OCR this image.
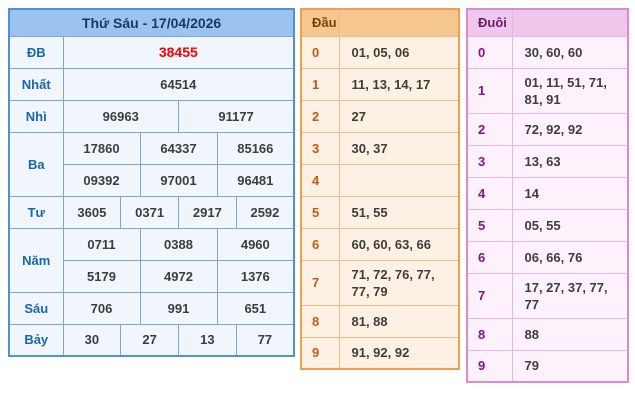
Thứ Sáu - 17/04/2026						
ĐB	38455					
Nhất	64514					
Nhì	96963			91177		
Ba	17860		64337		85166	
	09392		97001		96481	
Tư	3605	0371		2917		2592
Năm	0711		0388		4960	
	5179		4972		1376	
Sáu	706		991		651	
Bảy	30	27		13		77
Đầu	
0	01, 05, 06
1	11, 13, 14, 17
2	27
3	30, 37
4	
5	51, 55
6	60, 60, 63, 66
7	71, 72, 76, 77, 77, 79
8	81, 88
9	91, 92, 92
Đuôi	
0	30, 60, 60
1	01, 11, 51, 71, 81, 91
2	72, 92, 92
3	13, 63
4	14
5	05, 55
6	06, 66, 76
7	17, 27, 37, 77, 77
8	88
9	79
